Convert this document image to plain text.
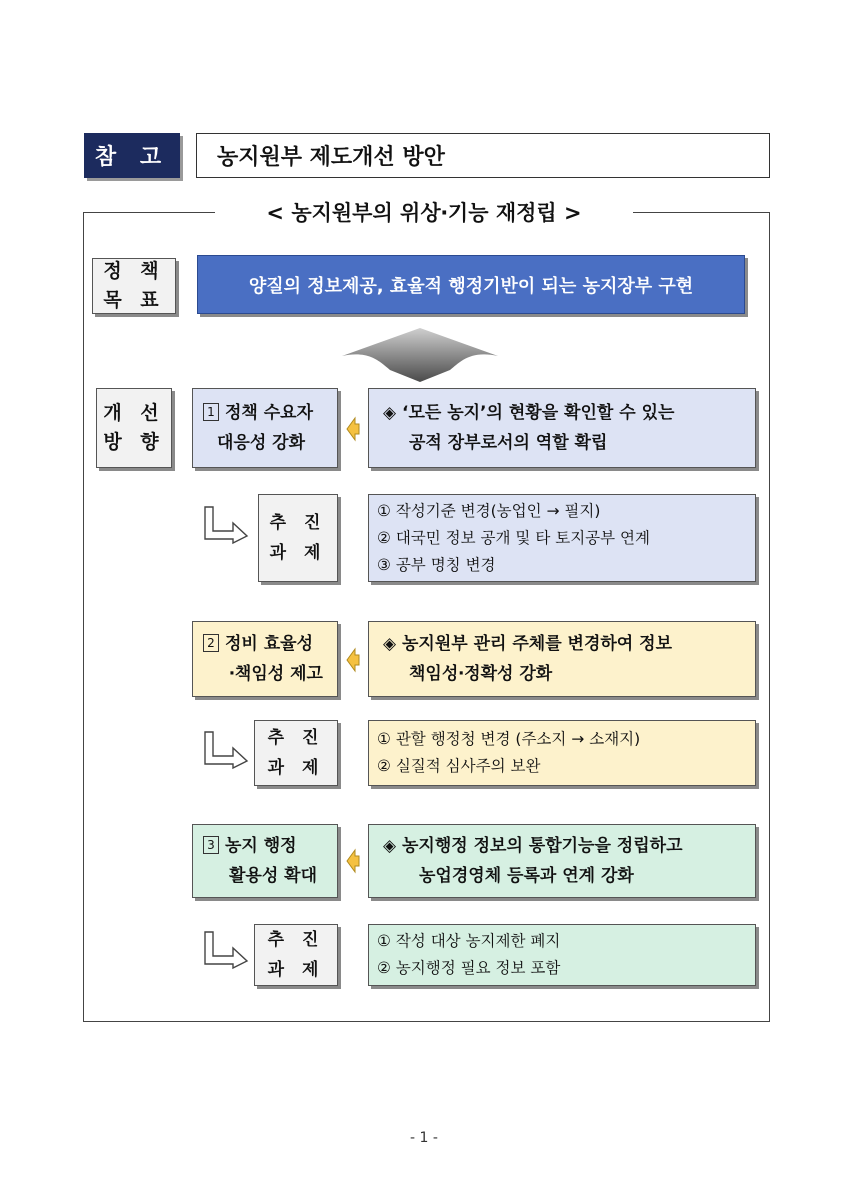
참 고	농지원부 제도개선 방안
< 농지원부의 위상‧기능 재정립 >
정 책
목 표
양질의 정보제공, 효율적 행정기반이 되는 농지장부 구현
개 선
방 향
1 정책 수요자
대응성 강화
◈ ‘모든 농지’의 현황을 확인할 수 있는
공적 장부로서의 역할 확립
추 진
과 제
① 작성기준 변경(농업인 → 필지)
② 대국민 정보 공개 및 타 토지공부 연계
③ 공부 명칭 변경
2 정비 효율성
‧책임성 제고
◈ 농지원부 관리 주체를 변경하여 정보
책임성‧정확성 강화
추 진
과 제
① 관할 행정청 변경 (주소지 → 소재지)
② 실질적 심사주의 보완
3 농지 행정
활용성 확대
◈ 농지행정 정보의 통합기능을 정립하고
농업경영체 등록과 연계 강화
추 진
과 제
① 작성 대상 농지제한 폐지
② 농지행정 필요 정보 포함
- 1 -
